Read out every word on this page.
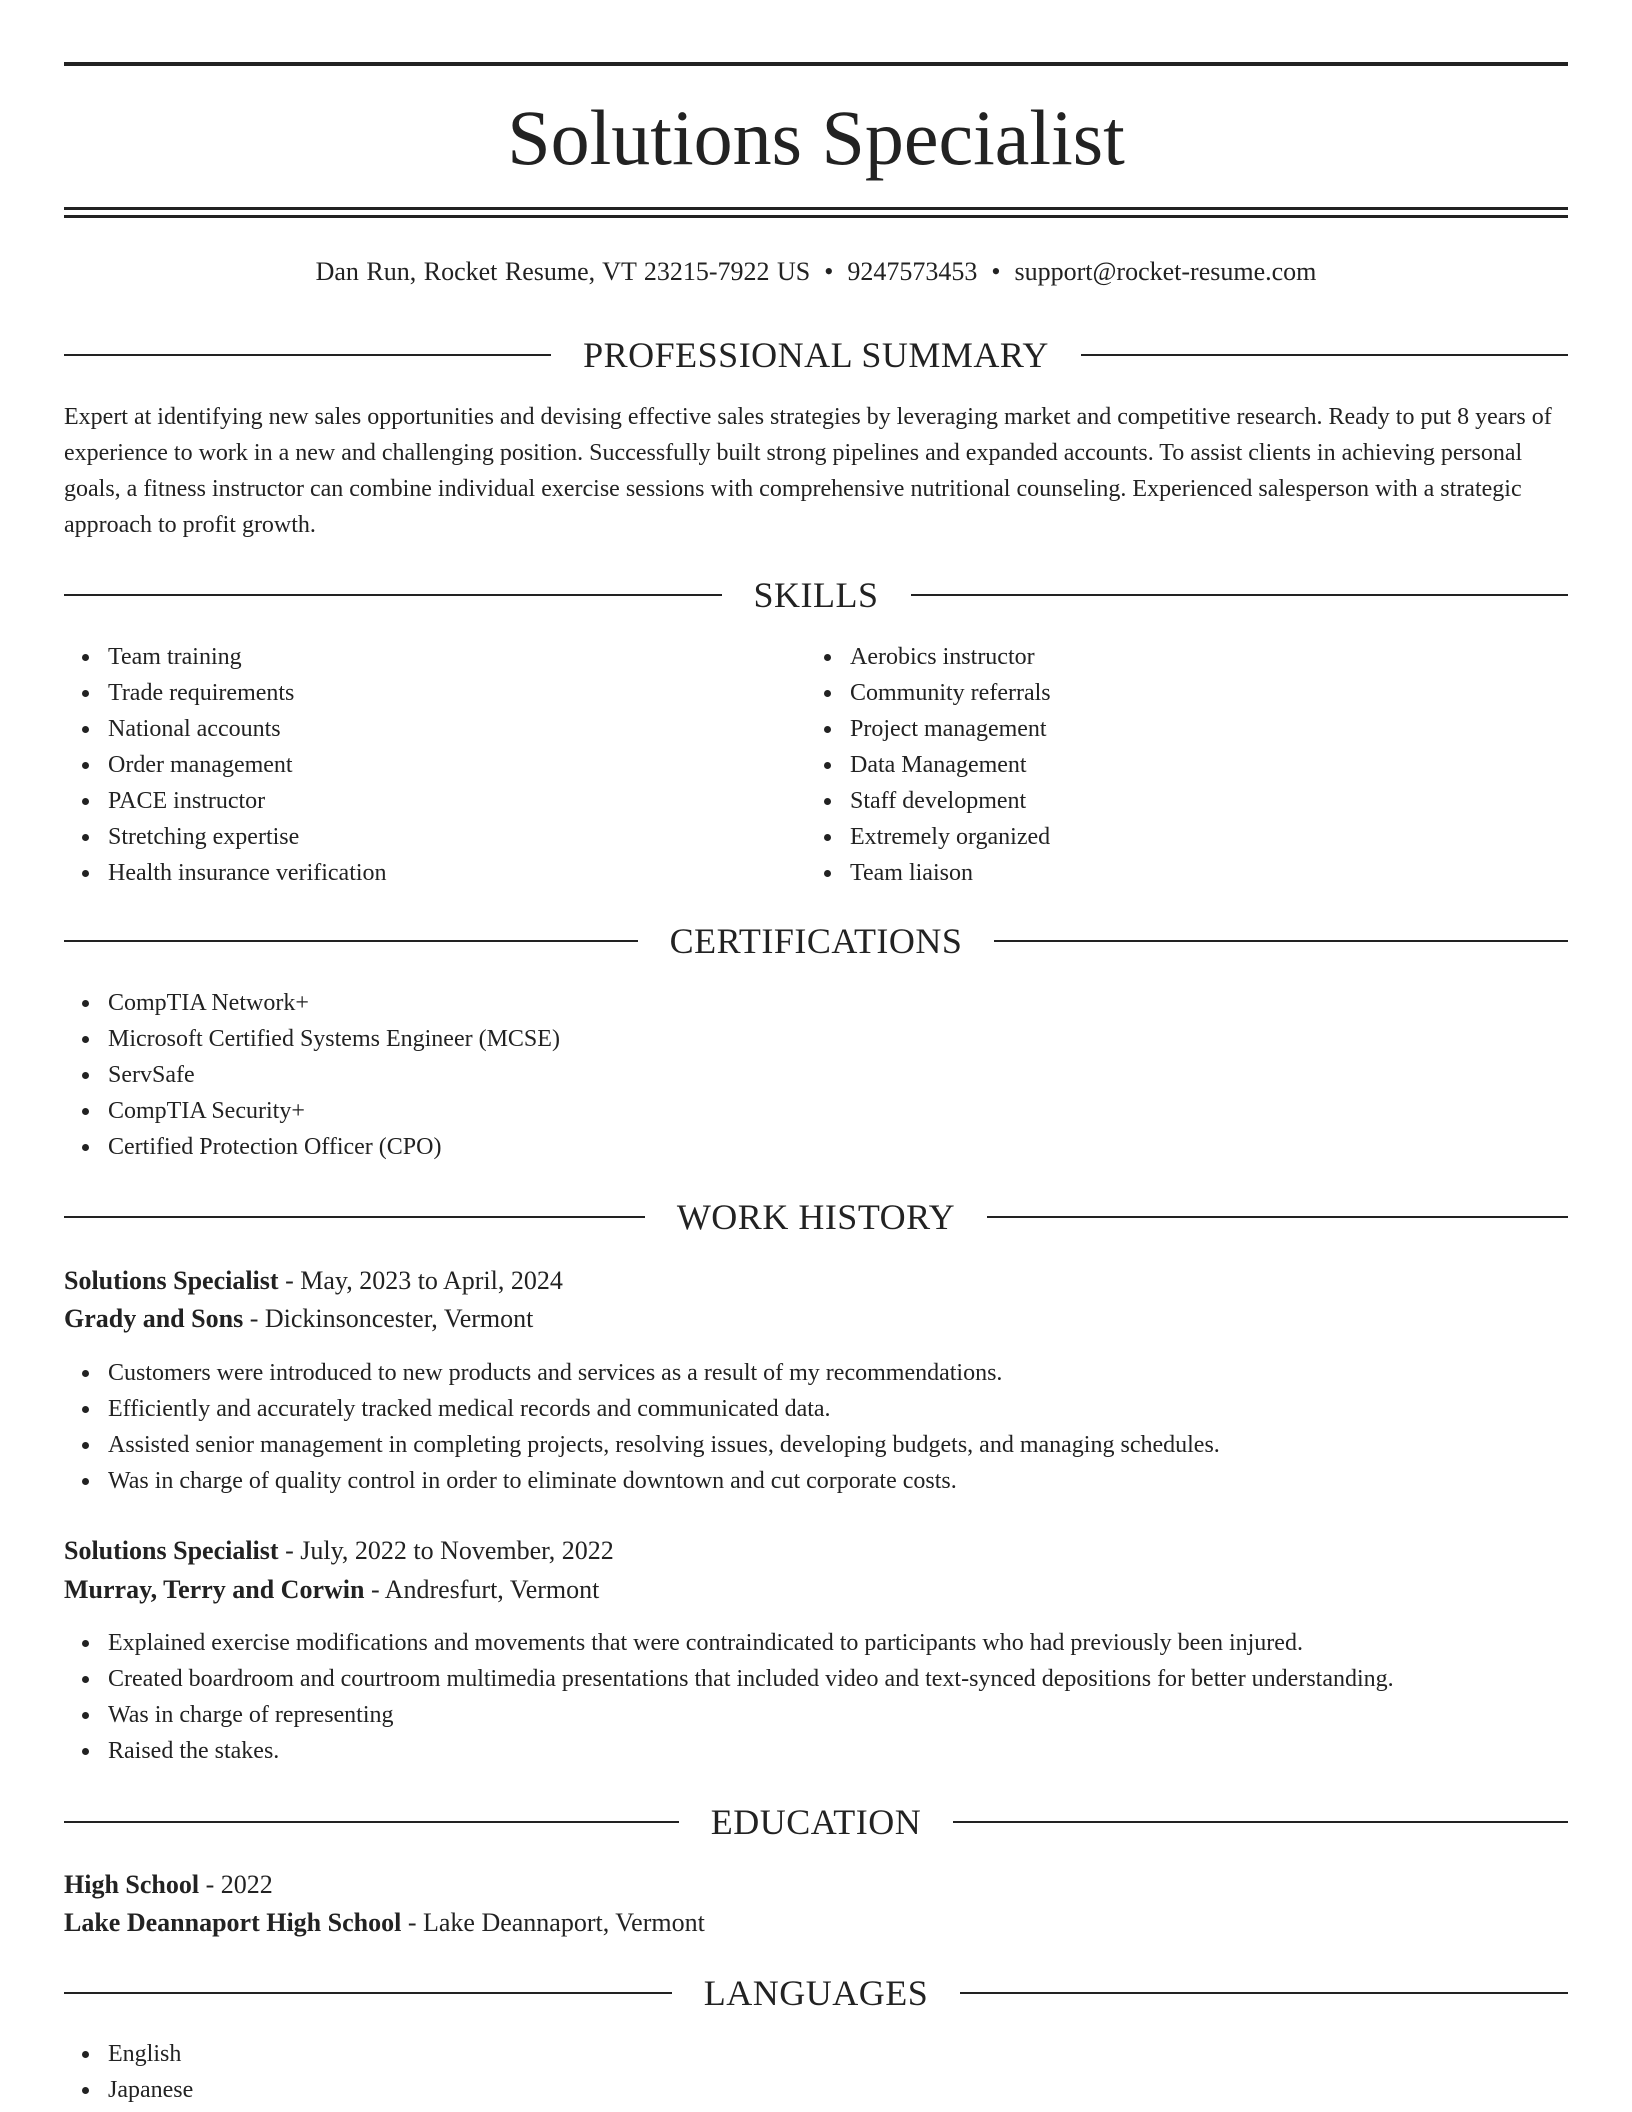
Solutions Specialist
Dan Run, Rocket Resume, VT 23215-7922 US • 9247573453 • support@rocket-resume.com
PROFESSIONAL SUMMARY
Expert at identifying new sales opportunities and devising effective sales strategies by leveraging market and competitive research. Ready to put 8 years of experience to work in a new and challenging position. Successfully built strong pipelines and expanded accounts. To assist clients in achieving personal goals, a fitness instructor can combine individual exercise sessions with comprehensive nutritional counseling. Experienced salesperson with a strategic approach to profit growth.
SKILLS
Team training
Trade requirements
National accounts
Order management
PACE instructor
Stretching expertise
Health insurance verification
Aerobics instructor
Community referrals
Project management
Data Management
Staff development
Extremely organized
Team liaison
CERTIFICATIONS
CompTIA Network+
Microsoft Certified Systems Engineer (MCSE)
ServSafe
CompTIA Security+
Certified Protection Officer (CPO)
WORK HISTORY
Solutions Specialist - May, 2023 to April, 2024
Grady and Sons - Dickinsoncester, Vermont
Customers were introduced to new products and services as a result of my recommendations.
Efficiently and accurately tracked medical records and communicated data.
Assisted senior management in completing projects, resolving issues, developing budgets, and managing schedules.
Was in charge of quality control in order to eliminate downtown and cut corporate costs.
Solutions Specialist - July, 2022 to November, 2022
Murray, Terry and Corwin - Andresfurt, Vermont
Explained exercise modifications and movements that were contraindicated to participants who had previously been injured.
Created boardroom and courtroom multimedia presentations that included video and text-synced depositions for better understanding.
Was in charge of representing
Raised the stakes.
EDUCATION
High School - 2022
Lake Deannaport High School - Lake Deannaport, Vermont
LANGUAGES
English
Japanese
